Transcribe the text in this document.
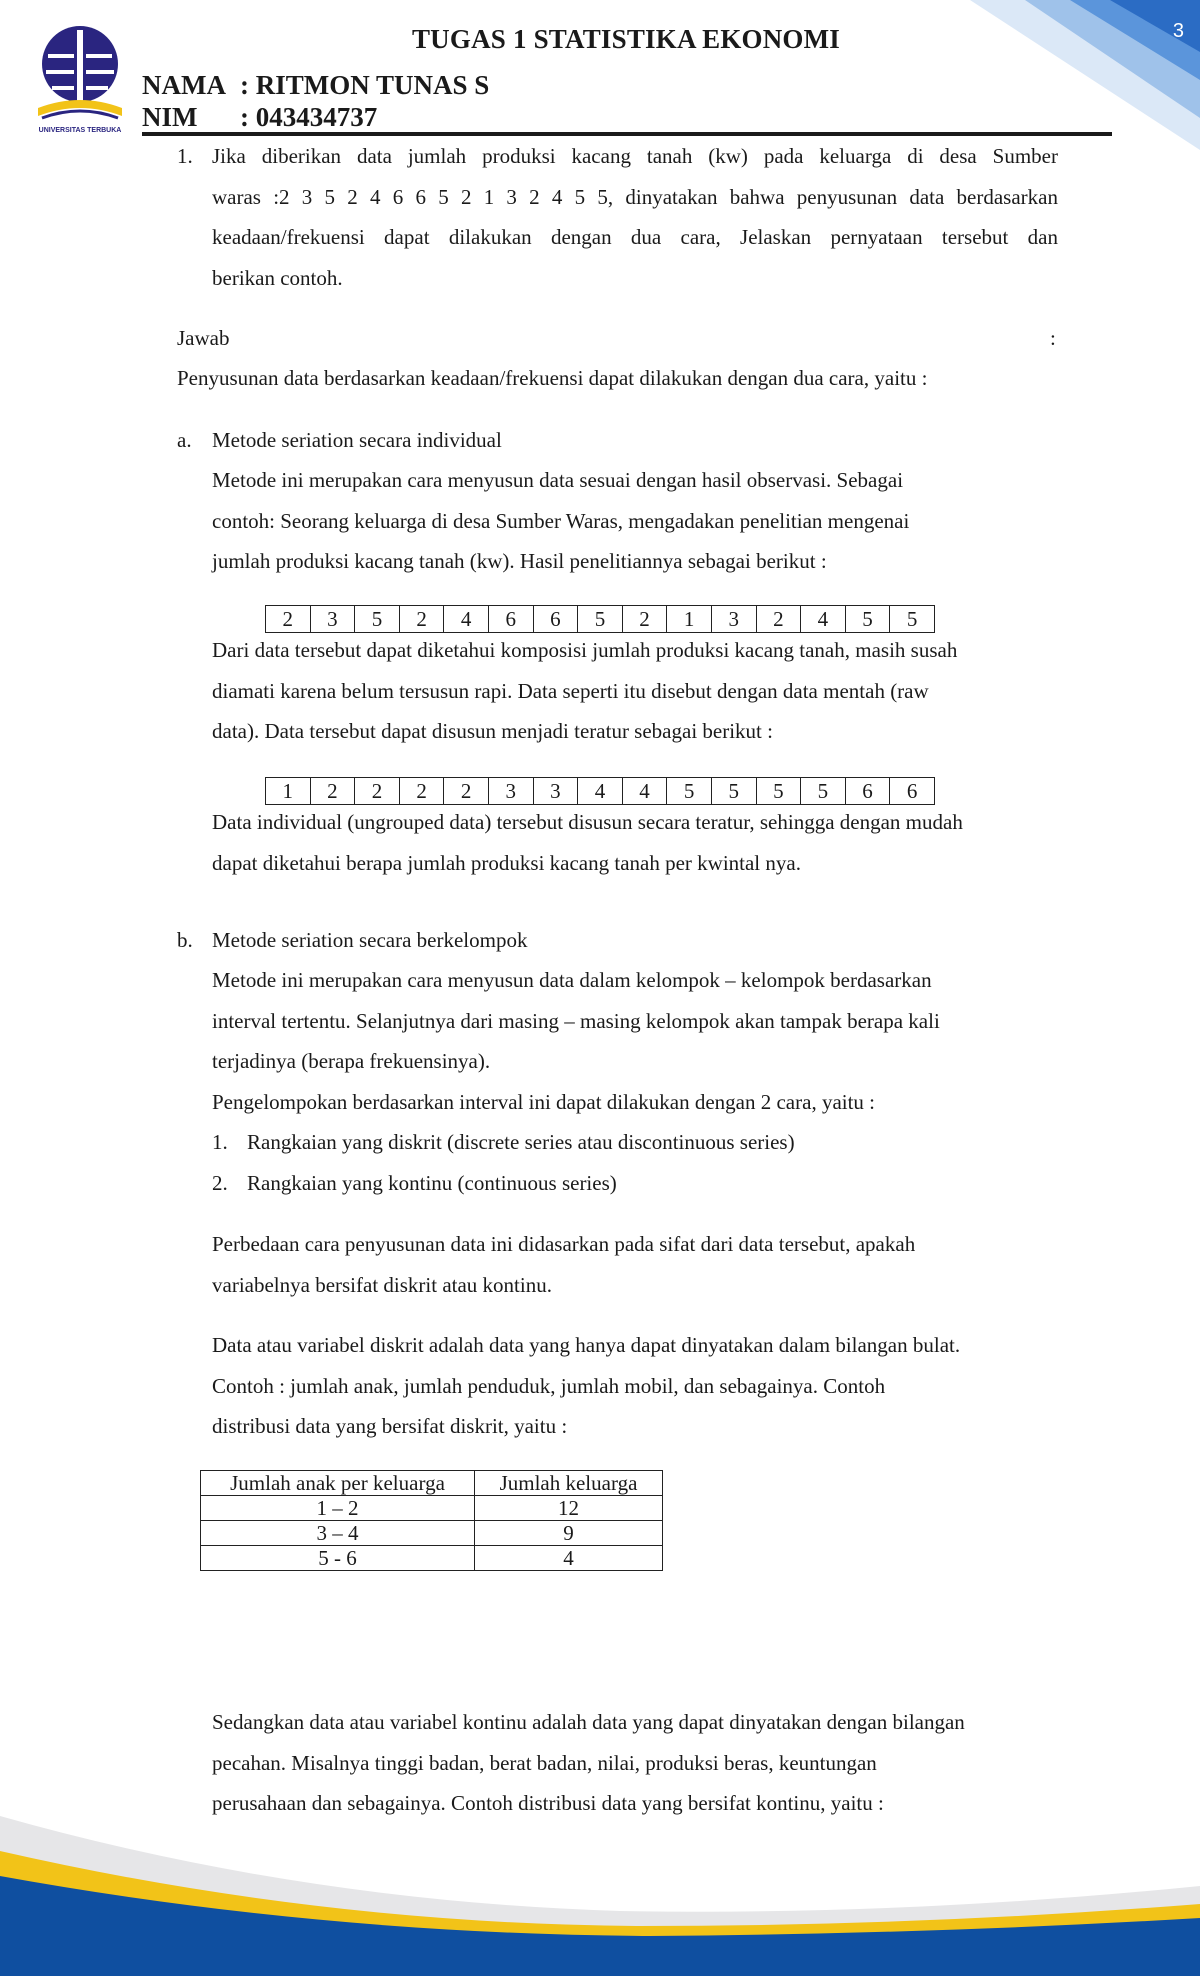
3
UNIVERSITAS TERBUKA
TUGAS 1 STATISTIKA EKONOMI
NAMA : RITMON TUNAS S
NIM : 043434737
1. Jika diberikan data jumlah produksi kacang tanah (kw) pada keluarga di desa Sumber
waras :2 3 5 2 4 6 6 5 2 1 3 2 4 5 5, dinyatakan bahwa penyusunan data berdasarkan
keadaan/frekuensi dapat dilakukan dengan dua cara, Jelaskan pernyataan tersebut dan
berikan contoh.
Jawab	:
Penyusunan data berdasarkan keadaan/frekuensi dapat dilakukan dengan dua cara, yaitu :
a. Metode seriation secara individual
Metode ini merupakan cara menyusun data sesuai dengan hasil observasi. Sebagai
contoh: Seorang keluarga di desa Sumber Waras, mengadakan penelitian mengenai
jumlah produksi kacang tanah (kw). Hasil penelitiannya sebagai berikut :
2	3	5	2	4	6	6	5	2	1	3	2	4	5	5
Dari data tersebut dapat diketahui komposisi jumlah produksi kacang tanah, masih susah
diamati karena belum tersusun rapi. Data seperti itu disebut dengan data mentah (raw
data). Data tersebut dapat disusun menjadi teratur sebagai berikut :
1	2	2	2	2	3	3	4	4	5	5	5	5	6	6
Data individual (ungrouped data) tersebut disusun secara teratur, sehingga dengan mudah
dapat diketahui berapa jumlah produksi kacang tanah per kwintal nya.
b. Metode seriation secara berkelompok
Metode ini merupakan cara menyusun data dalam kelompok – kelompok berdasarkan
interval tertentu. Selanjutnya dari masing – masing kelompok akan tampak berapa kali
terjadinya (berapa frekuensinya).
Pengelompokan berdasarkan interval ini dapat dilakukan dengan 2 cara, yaitu :
1. Rangkaian yang diskrit (discrete series atau discontinuous series)
2. Rangkaian yang kontinu (continuous series)
Perbedaan cara penyusunan data ini didasarkan pada sifat dari data tersebut, apakah
variabelnya bersifat diskrit atau kontinu.
Data atau variabel diskrit adalah data yang hanya dapat dinyatakan dalam bilangan bulat.
Contoh : jumlah anak, jumlah penduduk, jumlah mobil, dan sebagainya. Contoh
distribusi data yang bersifat diskrit, yaitu :
Jumlah anak per keluarga	Jumlah keluarga
1 – 2	12
3 – 4	9
5 - 6	4
Sedangkan data atau variabel kontinu adalah data yang dapat dinyatakan dengan bilangan
pecahan. Misalnya tinggi badan, berat badan, nilai, produksi beras, keuntungan
perusahaan dan sebagainya. Contoh distribusi data yang bersifat kontinu, yaitu :
